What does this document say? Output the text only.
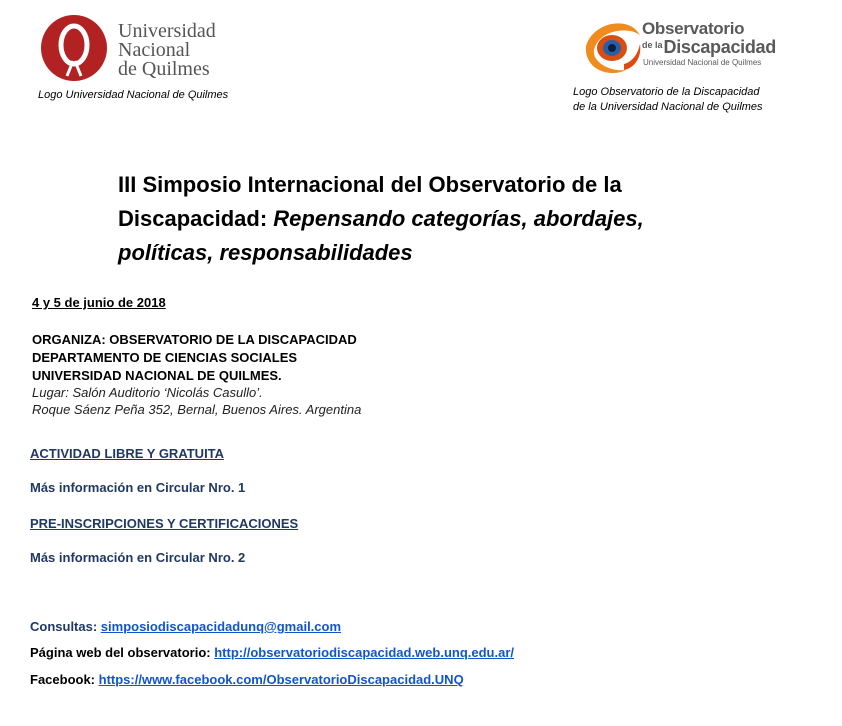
Universidad
Nacional
de Quilmes
Logo Universidad Nacional de Quilmes
Observatorio
de laDiscapacidad
Universidad Nacional de Quilmes
Logo Observatorio de la Discapacidad
de la Universidad Nacional de Quilmes
III Simposio Internacional del Observatorio de la
Discapacidad: Repensando categorías, abordajes,
políticas, responsabilidades
4 y 5 de junio de 2018
ORGANIZA: OBSERVATORIO DE LA DISCAPACIDAD
DEPARTAMENTO DE CIENCIAS SOCIALES
UNIVERSIDAD NACIONAL DE QUILMES.
Lugar: Salón Auditorio ‘Nicolás Casullo’.
Roque Sáenz Peña 352, Bernal, Buenos Aires. Argentina
ACTIVIDAD LIBRE Y GRATUITA
Más información en Circular Nro. 1
PRE-INSCRIPCIONES Y CERTIFICACIONES
Más información en Circular Nro. 2
Consultas: simposiodiscapacidadunq@gmail.com
Página web del observatorio: http://observatoriodiscapacidad.web.unq.edu.ar/
Facebook: https://www.facebook.com/ObservatorioDiscapacidad.UNQ
